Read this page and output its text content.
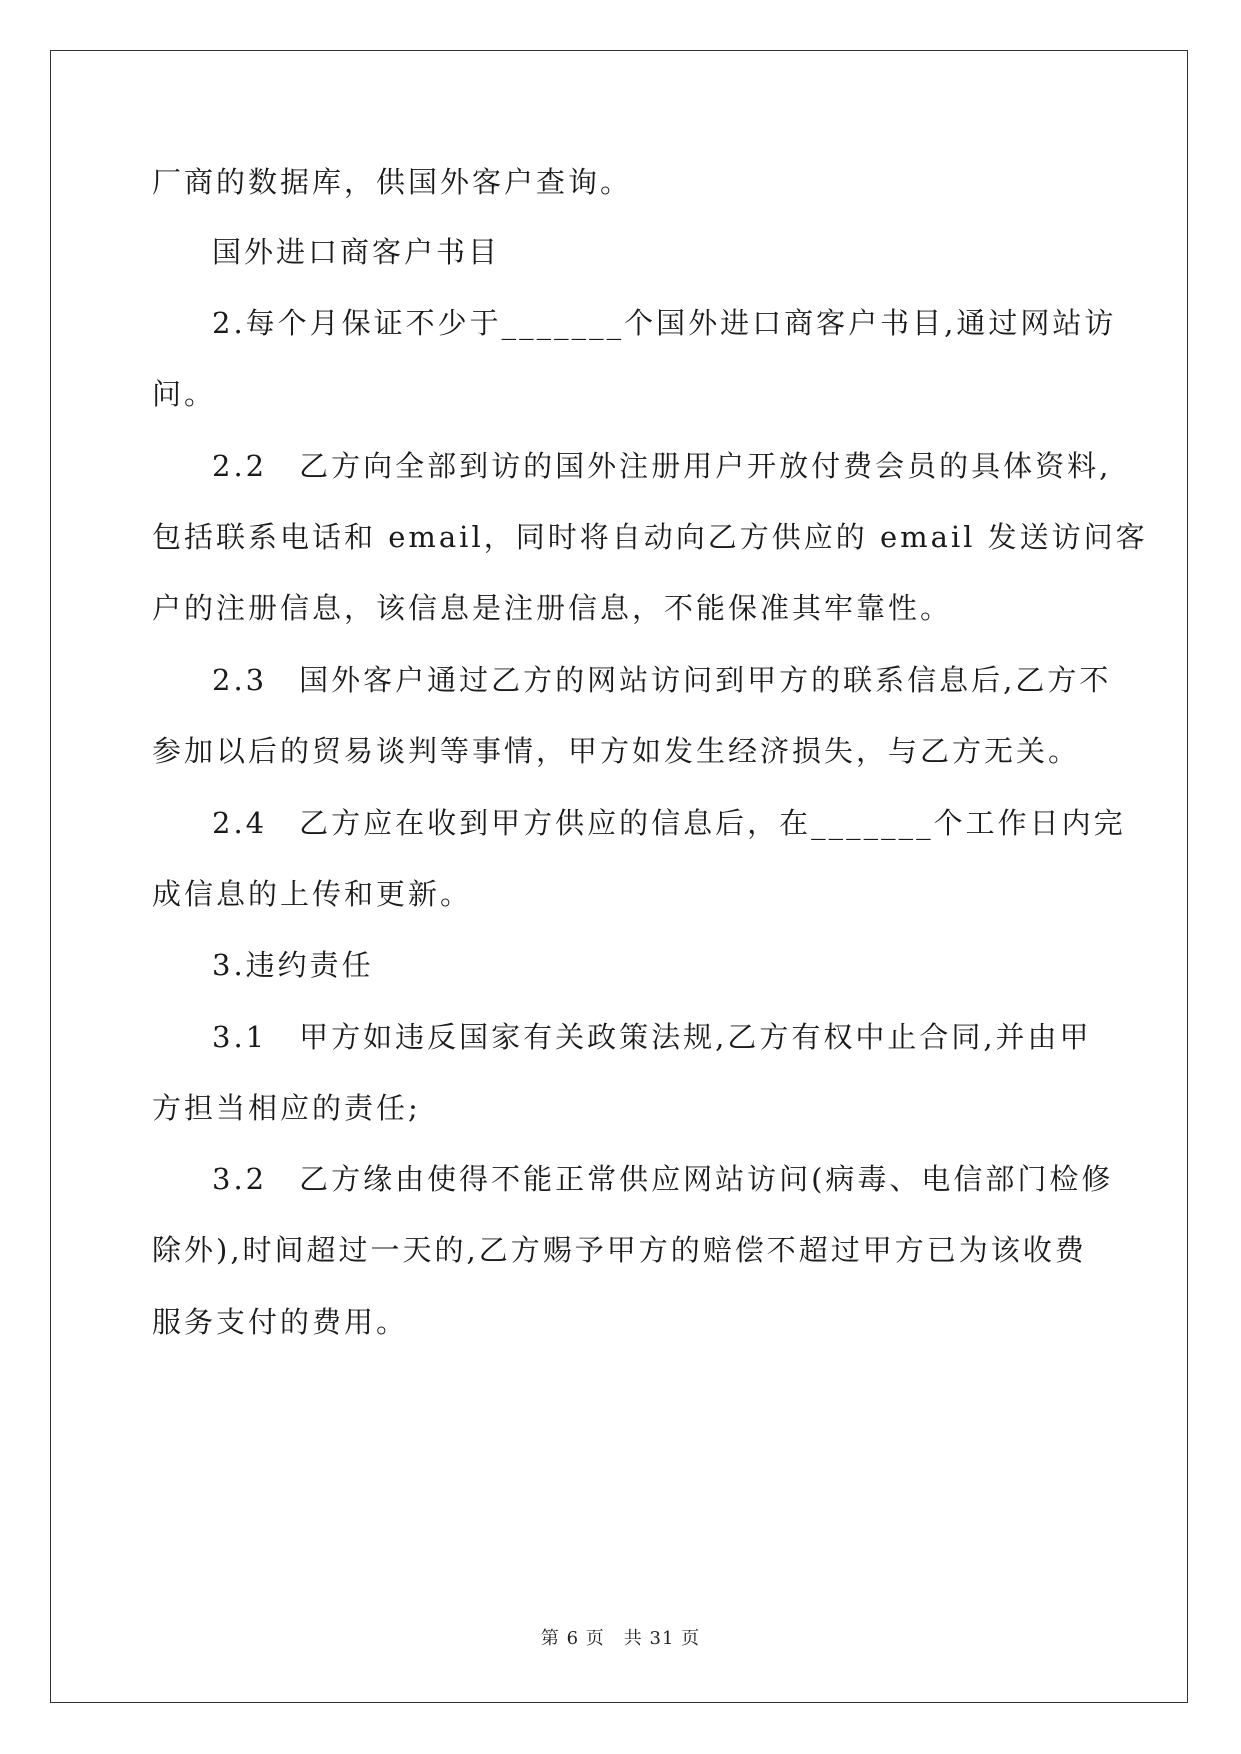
厂商的数据库，供国外客户查询。
国外进口商客户书目
2.每个月保证不少于_______个国外进口商客户书目,通过网站访
问。
2.2　乙方向全部到访的国外注册用户开放付费会员的具体资料,
包括联系电话和 email，同时将自动向乙方供应的 email 发送访问客
户的注册信息，该信息是注册信息，不能保准其牢靠性。
2.3　国外客户通过乙方的网站访问到甲方的联系信息后,乙方不
参加以后的贸易谈判等事情，甲方如发生经济损失，与乙方无关。
2.4　乙方应在收到甲方供应的信息后，在_______个工作日内完
成信息的上传和更新。
3.违约责任
3.1　甲方如违反国家有关政策法规,乙方有权中止合同,并由甲
方担当相应的责任;
3.2　乙方缘由使得不能正常供应网站访问(病毒、电信部门检修
除外),时间超过一天的,乙方赐予甲方的赔偿不超过甲方已为该收费
服务支付的费用。
第 6 页　共 31 页
